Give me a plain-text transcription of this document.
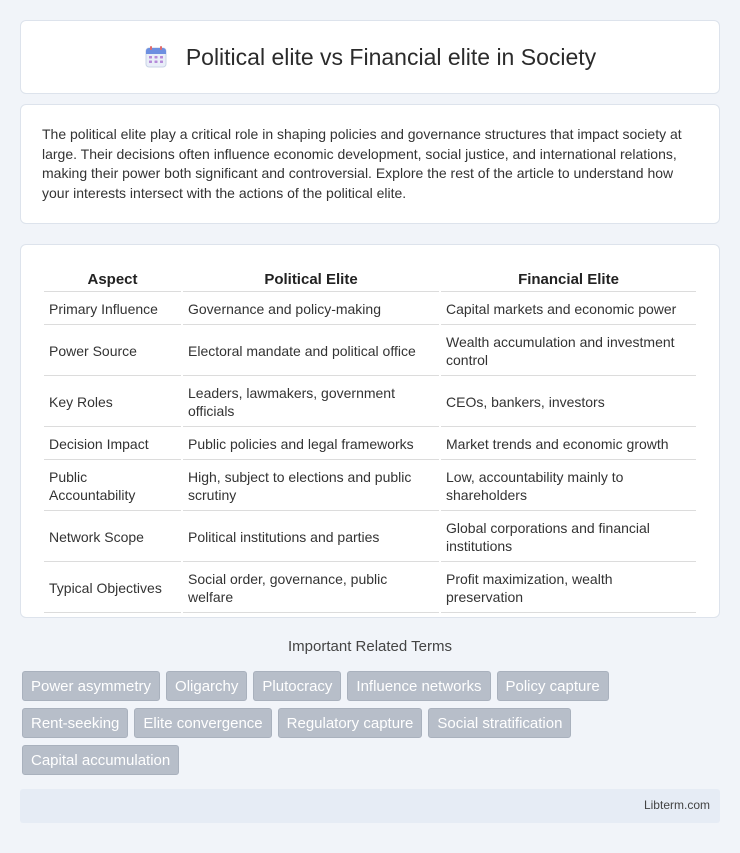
Political elite vs Financial elite in Society

The political elite play a critical role in shaping policies and governance structures that impact society at large. Their decisions often influence economic development, social justice, and international relations, making their power both significant and controversial. Explore the rest of the article to understand how your interests intersect with the actions of the political elite.

Aspect	Political Elite	Financial Elite
Primary Influence	Governance and policy-making	Capital markets and economic power
Power Source	Electoral mandate and political office	Wealth accumulation and investment control
Key Roles	Leaders, lawmakers, government officials	CEOs, bankers, investors
Decision Impact	Public policies and legal frameworks	Market trends and economic growth
Public Accountability	High, subject to elections and public scrutiny	Low, accountability mainly to shareholders
Network Scope	Political institutions and parties	Global corporations and financial institutions
Typical Objectives	Social order, governance, public welfare	Profit maximization, wealth preservation
Important Related Terms
Power asymmetry	Oligarchy	Plutocracy	Influence networks	Policy capture
Rent-seeking	Elite convergence	Regulatory capture	Social stratification
Capital accumulation
Libterm.com
